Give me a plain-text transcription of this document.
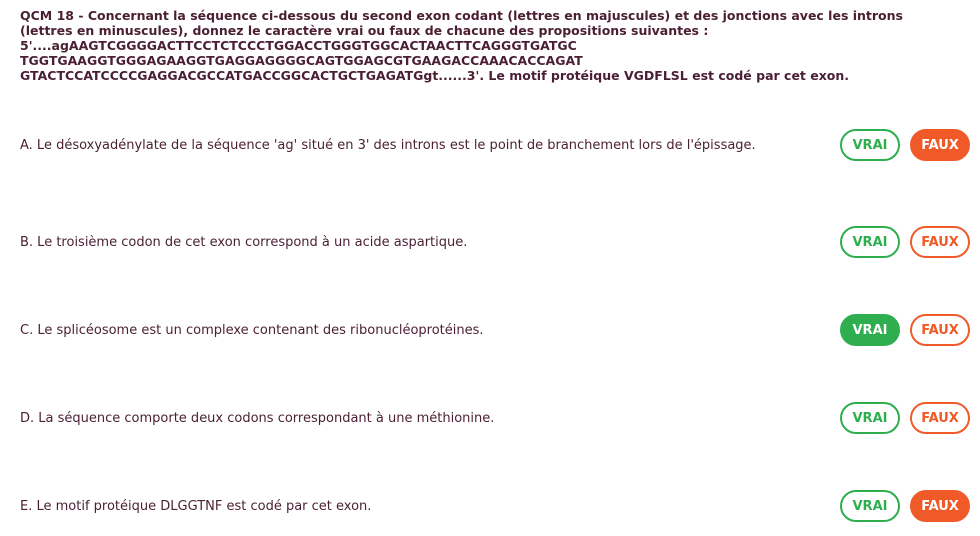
QCM 18 - Concernant la séquence ci-dessous du second exon codant (lettres en majuscules) et des jonctions avec les introns
(lettres en minuscules), donnez le caractère vrai ou faux de chacune des propositions suivantes :
5'....agAAGTCGGGGACTTCCTCTCCCTGGACCTGGGTGGCACTAACTTCAGGGTGATGC
TGGTGAAGGTGGGAGAAGGTGAGGAGGGGCAGTGGAGCGTGAAGACCAAACACCAGAT
GTACTCCATCCCCGAGGACGCCATGACCGGCACTGCTGAGATGgt......3'. Le motif protéique VGDFLSL est codé par cet exon.
A. Le désoxyadénylate de la séquence 'ag' situé en 3' des introns est le point de branchement lors de l'épissage.	VRAI	FAUX
B. Le troisième codon de cet exon correspond à un acide aspartique.	VRAI	FAUX
C. Le splicéosome est un complexe contenant des ribonucléoprotéines.	VRAI	FAUX
D. La séquence comporte deux codons correspondant à une méthionine.	VRAI	FAUX
E. Le motif protéique DLGGTNF est codé par cet exon.	VRAI	FAUX
